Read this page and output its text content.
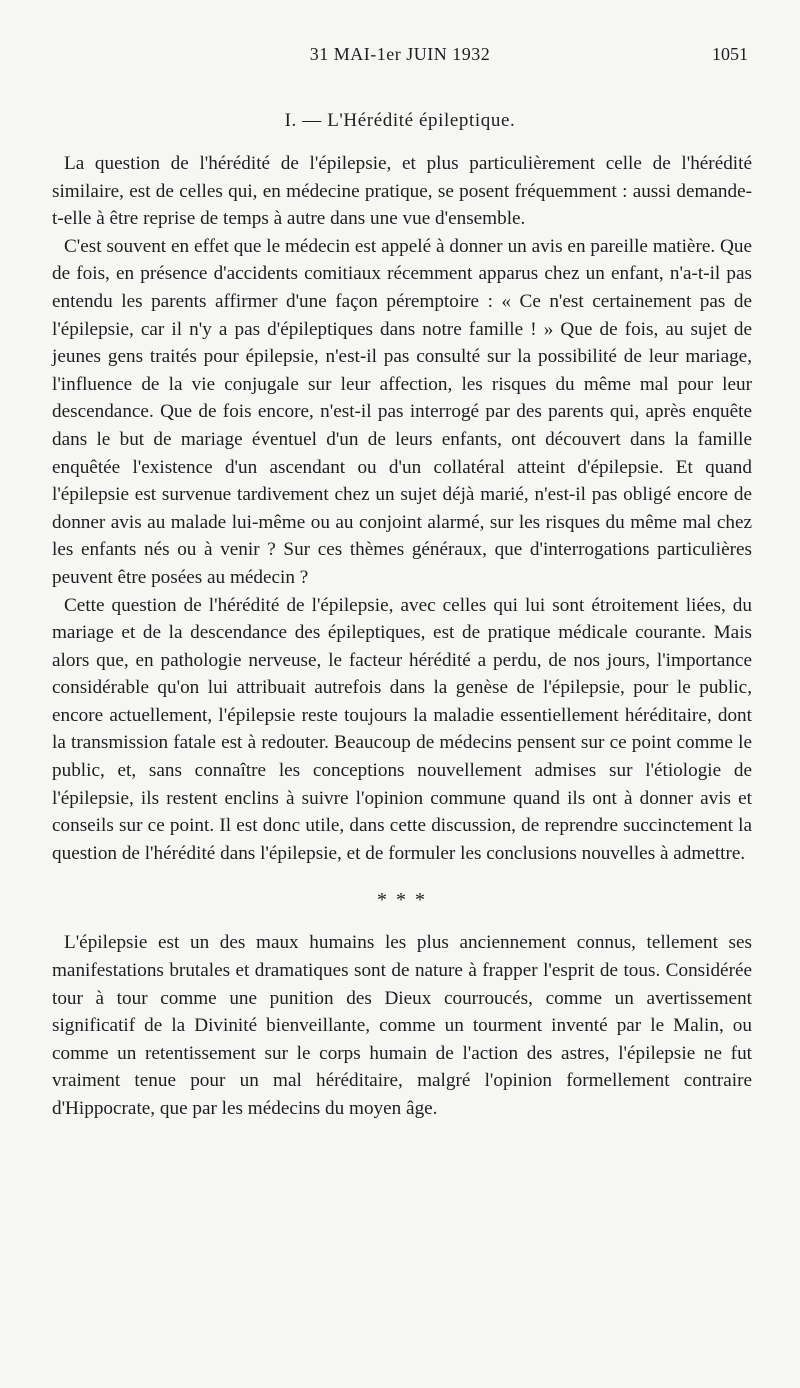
31 MAI-1er JUIN 1932	1051
I. — L'Hérédité épileptique.

La question de l'hérédité de l'épilepsie, et plus particulièrement celle de l'hérédité similaire, est de celles qui, en médecine pratique, se posent fréquemment : aussi demande-t-elle à être reprise de temps à autre dans une vue d'ensemble.

C'est souvent en effet que le médecin est appelé à donner un avis en pareille matière. Que de fois, en présence d'accidents comitiaux récemment apparus chez un enfant, n'a-t-il pas entendu les parents affirmer d'une façon péremptoire : « Ce n'est certainement pas de l'épilepsie, car il n'y a pas d'épileptiques dans notre famille ! » Que de fois, au sujet de jeunes gens traités pour épilepsie, n'est-il pas consulté sur la possibilité de leur mariage, l'influence de la vie conjugale sur leur affection, les risques du même mal pour leur descendance. Que de fois encore, n'est-il pas interrogé par des parents qui, après enquête dans le but de mariage éventuel d'un de leurs enfants, ont découvert dans la famille enquêtée l'existence d'un ascendant ou d'un collatéral atteint d'épilepsie. Et quand l'épilepsie est survenue tardivement chez un sujet déjà marié, n'est-il pas obligé encore de donner avis au malade lui-même ou au conjoint alarmé, sur les risques du même mal chez les enfants nés ou à venir ? Sur ces thèmes généraux, que d'interrogations particulières peuvent être posées au médecin ?

Cette question de l'hérédité de l'épilepsie, avec celles qui lui sont étroitement liées, du mariage et de la descendance des épileptiques, est de pratique médicale courante. Mais alors que, en pathologie nerveuse, le facteur hérédité a perdu, de nos jours, l'importance considérable qu'on lui attribuait autrefois dans la genèse de l'épilepsie, pour le public, encore actuellement, l'épilepsie reste toujours la maladie essentiellement héréditaire, dont la transmission fatale est à redouter. Beaucoup de médecins pensent sur ce point comme le public, et, sans connaître les conceptions nouvellement admises sur l'étiologie de l'épilepsie, ils restent enclins à suivre l'opinion commune quand ils ont à donner avis et conseils sur ce point. Il est donc utile, dans cette discussion, de reprendre succinctement la question de l'hérédité dans l'épilepsie, et de formuler les conclusions nouvelles à admettre.

* * *

L'épilepsie est un des maux humains les plus anciennement connus, tellement ses manifestations brutales et dramatiques sont de nature à frapper l'esprit de tous. Considérée tour à tour comme une punition des Dieux courroucés, comme un avertissement significatif de la Divinité bienveillante, comme un tourment inventé par le Malin, ou comme un retentissement sur le corps humain de l'action des astres, l'épilepsie ne fut vraiment tenue pour un mal héréditaire, malgré l'opinion formellement contraire d'Hippocrate, que par les médecins du moyen âge.
